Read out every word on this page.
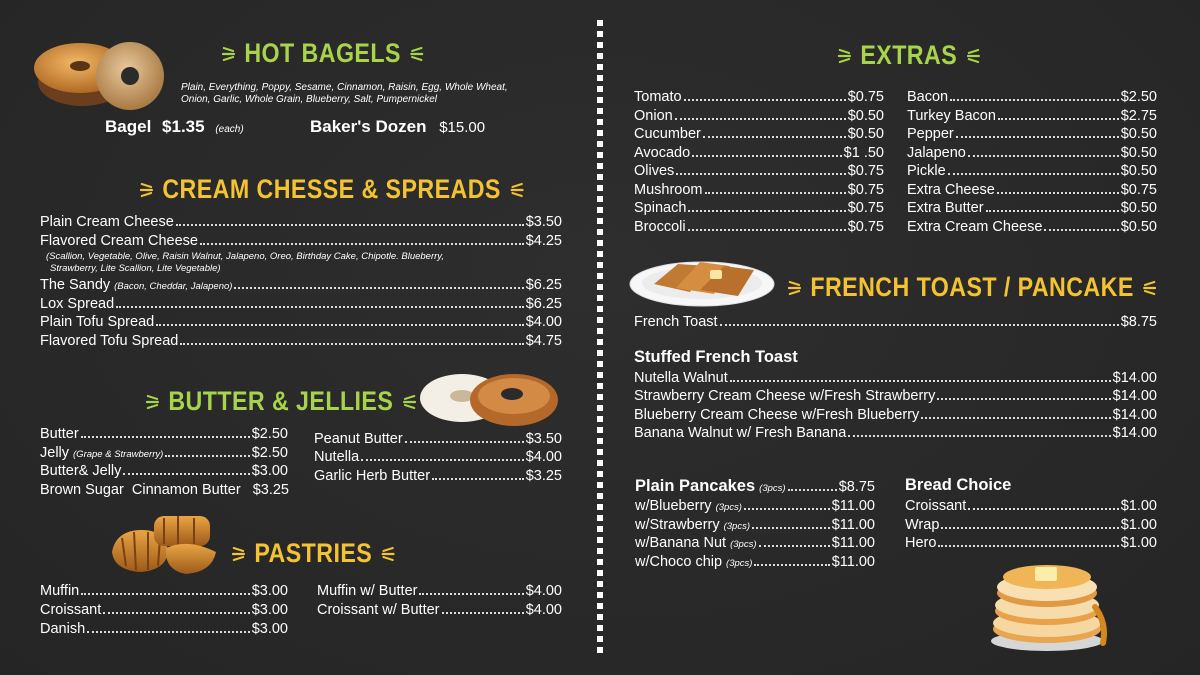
HOT BAGELS
Plain, Everything, Poppy, Sesame, Cinnamon, Raisin, Egg, Whole Wheat,
Onion, Garlic, Whole Grain, Blueberry, Salt, Pumpernickel
Bagel $1.35 (each)	Baker's Dozen $15.00
CREAM CHESSE & SPREADS
Plain Cream Cheese	$3.50
Flavored Cream Cheese	$4.25
(Scallion, Vegetable, Olive, Raisin Walnut, Jalapeno, Oreo, Birthday Cake, Chipotle. Blueberry,
Strawberry, Lite Scallion, Lite Vegetable)
The Sandy (Bacon, Cheddar, Jalapeno)	$6.25
Lox Spread	$6.25
Plain Tofu Spread	$4.00
Flavored Tofu Spread	$4.75
BUTTER & JELLIES
Butter	$2.50
Jelly (Grape & Strawberry)	$2.50
Butter& Jelly	$3.00
Brown Sugar  Cinnamon Butter $3.25
Peanut Butter	$3.50
Nutella	$4.00
Garlic Herb Butter	$3.25
PASTRIES
Muffin	$3.00
Croissant	$3.00
Danish	$3.00
Muffin w/ Butter	$4.00
Croissant w/ Butter	$4.00
EXTRAS
Tomato	$0.75
Onion	$0.50
Cucumber	$0.50
Avocado	$1 .50
Olives	$0.75
Mushroom	$0.75
Spinach	$0.75
Broccoli	$0.75
Bacon	$2.50
Turkey Bacon	$2.75
Pepper	$0.50
Jalapeno	$0.50
Pickle	$0.50
Extra Cheese	$0.75
Extra Butter	$0.50
Extra Cream Cheese	$0.50
FRENCH TOAST / PANCAKE
French Toast	$8.75
Stuffed French Toast
Nutella Walnut	$14.00
Strawberry Cream Cheese w/Fresh Strawberry	$14.00
Blueberry Cream Cheese w/Fresh Blueberry	$14.00
Banana Walnut w/ Fresh Banana	$14.00
Plain Pancakes (3pcs)	$8.75
w/Blueberry (3pcs)	$11.00
w/Strawberry (3pcs)	$11.00
w/Banana Nut (3pcs)	$11.00
w/Choco chip (3pcs)	$11.00
Bread Choice
Croissant	$1.00
Wrap	$1.00
Hero	$1.00
